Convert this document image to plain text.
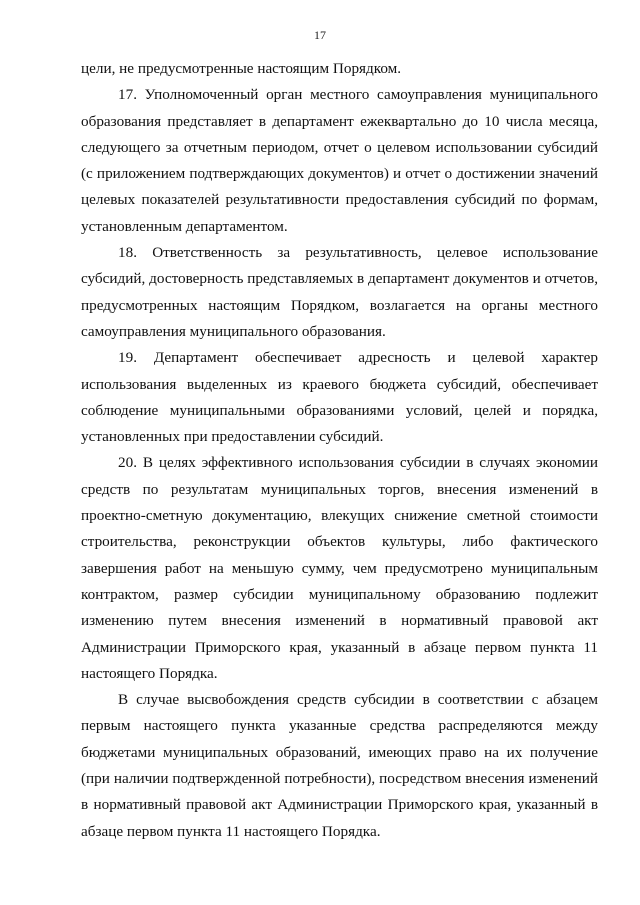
17

цели, не предусмотренные настоящим Порядком.

17. Уполномоченный орган местного самоуправления муниципального образования представляет в департамент ежеквартально до 10 числа месяца, следующего за отчетным периодом, отчет о целевом использовании субсидий (с приложением подтверждающих документов) и отчет о достижении значений целевых показателей результативности предоставления субсидий по формам, установленным департаментом.

18. Ответственность за результативность, целевое использование субсидий, достоверность представляемых в департамент документов и отчетов, предусмотренных настоящим Порядком, возлагается на органы местного самоуправления муниципального образования.

19. Департамент обеспечивает адресность и целевой характер использования выделенных из краевого бюджета субсидий, обеспечивает соблюдение муниципальными образованиями условий, целей и порядка, установленных при предоставлении субсидий.

20. В целях эффективного использования субсидии в случаях экономии средств по результатам муниципальных торгов, внесения изменений в проектно-сметную документацию, влекущих снижение сметной стоимости строительства, реконструкции объектов культуры, либо фактического завершения работ на меньшую сумму, чем предусмотрено муниципальным контрактом, размер субсидии муниципальному образованию подлежит изменению путем внесения изменений в нормативный правовой акт Администрации Приморского края, указанный в абзаце первом пункта 11 настоящего Порядка.

В случае высвобождения средств субсидии в соответствии с абзацем первым настоящего пункта указанные средства распределяются между бюджетами муниципальных образований, имеющих право на их получение (при наличии подтвержденной потребности), посредством внесения изменений в нормативный правовой акт Администрации Приморского края, указанный в абзаце первом пункта 11 настоящего Порядка.
